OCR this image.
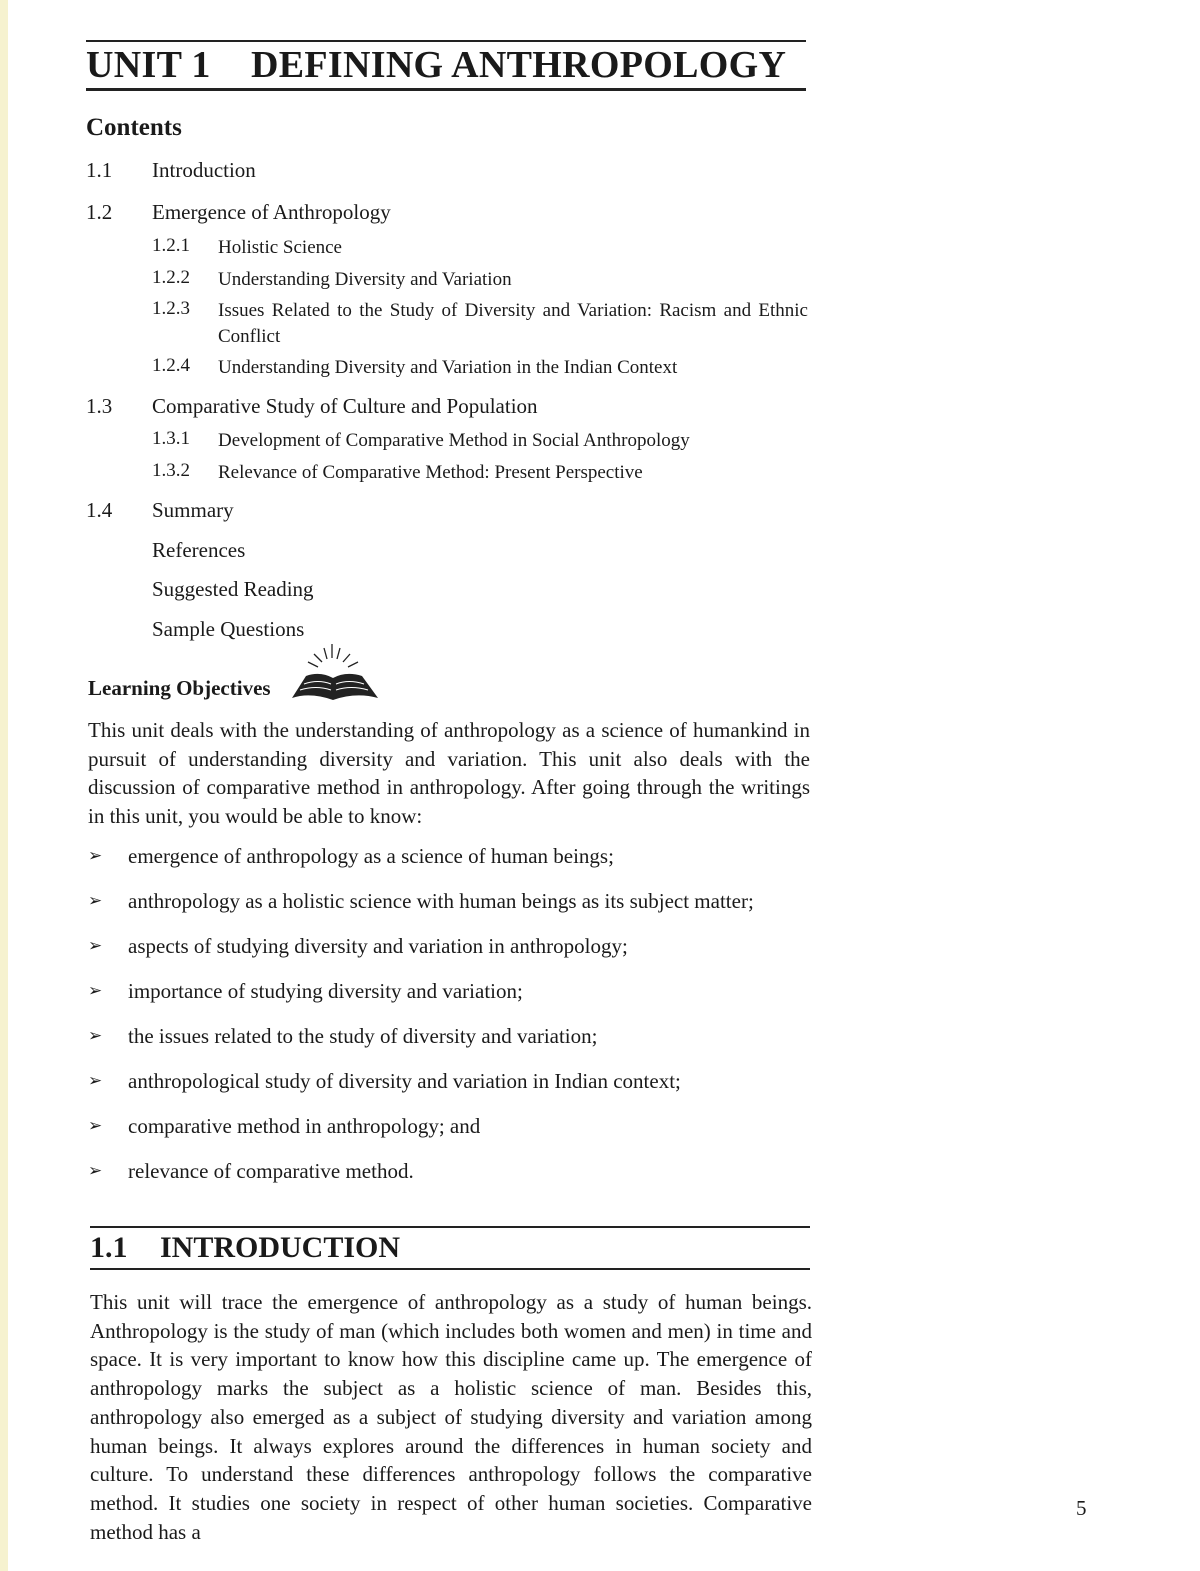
UNIT 1 DEFINING ANTHROPOLOGY
Contents
1.1 Introduction
1.2 Emergence of Anthropology
1.2.1 Holistic Science
1.2.2 Understanding Diversity and Variation
1.2.3 Issues Related to the Study of Diversity and Variation: Racism and Ethnic Conflict
1.2.4 Understanding Diversity and Variation in the Indian Context
1.3 Comparative Study of Culture and Population
1.3.1 Development of Comparative Method in Social Anthropology
1.3.2 Relevance of Comparative Method: Present Perspective
1.4 Summary
References
Suggested Reading
Sample Questions
Learning Objectives
This unit deals with the understanding of anthropology as a science of humankind in pursuit of understanding diversity and variation. This unit also deals with the discussion of comparative method in anthropology. After going through the writings in this unit, you would be able to know:
➢ emergence of anthropology as a science of human beings;
➢ anthropology as a holistic science with human beings as its subject matter;
➢ aspects of studying diversity and variation in anthropology;
➢ importance of studying diversity and variation;
➢ the issues related to the study of diversity and variation;
➢ anthropological study of diversity and variation in Indian context;
➢ comparative method in anthropology; and
➢ relevance of comparative method.
1.1 INTRODUCTION
This unit will trace the emergence of anthropology as a study of human beings. Anthropology is the study of man (which includes both women and men) in time and space. It is very important to know how this discipline came up. The emergence of anthropology marks the subject as a holistic science of man. Besides this, anthropology also emerged as a subject of studying diversity and variation among human beings. It always explores around the differences in human society and culture. To understand these differences anthropology follows the comparative method. It studies one society in respect of other human societies. Comparative method has a
5
